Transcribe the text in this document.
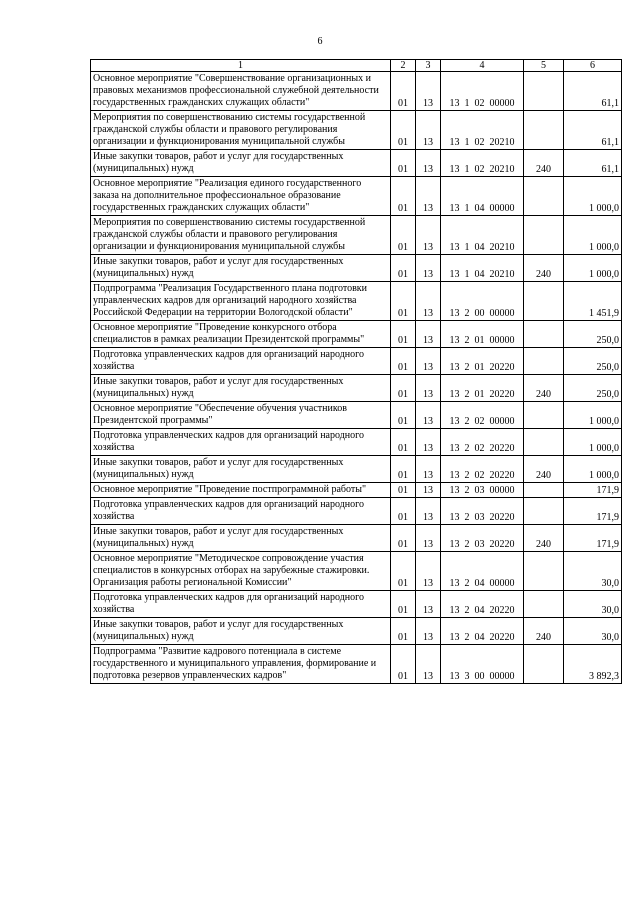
6
1	2	3	4	5	6
Основное мероприятие "Совершенствование организационных и правовых механизмов профессиональной служебной деятельности государственных гражданских служащих области"	01	13	13  1  02  00000		61,1
Мероприятия по совершенствованию системы государственной гражданской службы области и правового регулирования организации и функционирования муниципальной службы	01	13	13  1  02  20210		61,1
Иные закупки товаров, работ и услуг для государственных (муниципальных) нужд	01	13	13  1  02  20210	240	61,1
Основное мероприятие "Реализация единого государственного заказа на дополнительное профессиональное образование государственных гражданских служащих области"	01	13	13  1  04  00000		1 000,0
Мероприятия по совершенствованию системы государственной гражданской службы области и правового регулирования организации и функционирования муниципальной службы	01	13	13  1  04  20210		1 000,0
Иные закупки товаров, работ и услуг для государственных (муниципальных) нужд	01	13	13  1  04  20210	240	1 000,0
Подпрограмма "Реализация Государственного плана подготовки управленческих кадров для организаций народного хозяйства Российской Федерации на территории Вологодской области"	01	13	13  2  00  00000		1 451,9
Основное мероприятие "Проведение конкурсного отбора специалистов в рамках реализации Президентской программы"	01	13	13  2  01  00000		250,0
Подготовка управленческих кадров для организаций народного хозяйства	01	13	13  2  01  20220		250,0
Иные закупки товаров, работ и услуг для государственных (муниципальных) нужд	01	13	13  2  01  20220	240	250,0
Основное мероприятие "Обеспечение обучения участников Президентской программы"	01	13	13  2  02  00000		1 000,0
Подготовка управленческих кадров для организаций народного хозяйства	01	13	13  2  02  20220		1 000,0
Иные закупки товаров, работ и услуг для государственных (муниципальных) нужд	01	13	13  2  02  20220	240	1 000,0
Основное мероприятие "Проведение постпрограммной работы"	01	13	13  2  03  00000		171,9
Подготовка управленческих кадров для организаций народного хозяйства	01	13	13  2  03  20220		171,9
Иные закупки товаров, работ и услуг для государственных (муниципальных) нужд	01	13	13  2  03  20220	240	171,9
Основное мероприятие "Методическое сопровождение участия специалистов в конкурсных отборах на зарубежные стажировки. Организация работы региональной Комиссии"	01	13	13  2  04  00000		30,0
Подготовка управленческих кадров для организаций народного хозяйства	01	13	13  2  04  20220		30,0
Иные закупки товаров, работ и услуг для государственных (муниципальных) нужд	01	13	13  2  04  20220	240	30,0
Подпрограмма "Развитие кадрового потенциала в системе государственного и муниципального управления, формирование и подготовка резервов управленческих кадров"	01	13	13  3  00  00000		3 892,3
